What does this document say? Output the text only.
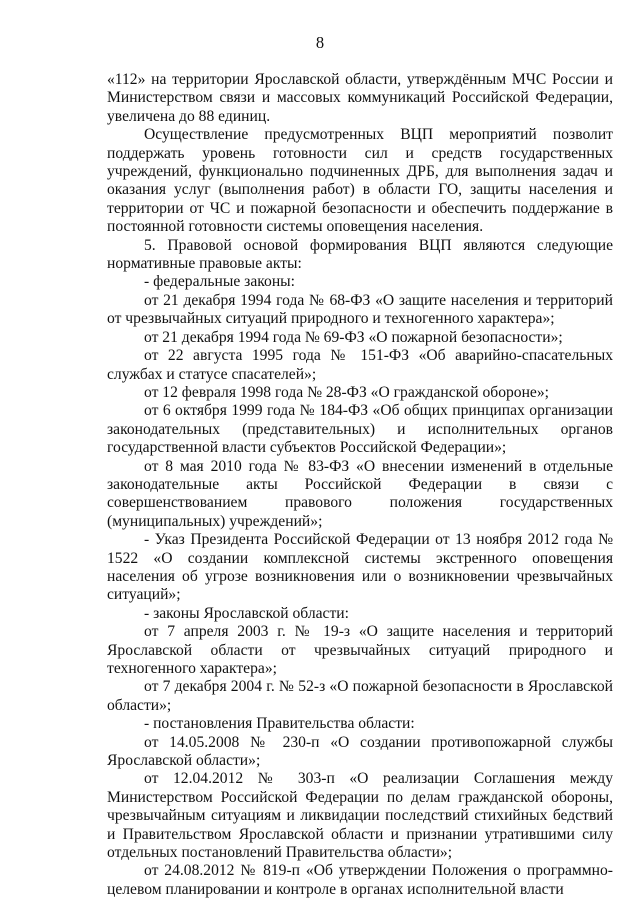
8

«112» на территории Ярославской области, утверждённым МЧС России и Министерством связи и массовых коммуникаций Российской Федерации, увеличена до 88 единиц.

Осуществление предусмотренных ВЦП мероприятий позволит поддержать уровень готовности сил и средств государственных учреждений, функционально подчиненных ДРБ, для выполнения задач и оказания услуг (выполнения работ) в области ГО, защиты населения и территории от ЧС и пожарной безопасности и обеспечить поддержание в постоянной готовности системы оповещения населения.

5. Правовой основой формирования ВЦП являются следующие нормативные правовые акты:

- федеральные законы:

от 21 декабря 1994 года № 68-ФЗ «О защите населения и территорий от чрезвычайных ситуаций природного и техногенного характера»;

от 21 декабря 1994 года № 69-ФЗ «О пожарной безопасности»;

от 22 августа 1995 года № 151-ФЗ «Об аварийно-спасательных службах и статусе спасателей»;

от 12 февраля 1998 года № 28-ФЗ «О гражданской обороне»;

от 6 октября 1999 года № 184-ФЗ «Об общих принципах организации законодательных (представительных) и исполнительных органов государственной власти субъектов Российской Федерации»;

от 8 мая 2010 года № 83-ФЗ «О внесении изменений в отдельные законодательные акты Российской Федерации в связи с совершенствованием правового положения государственных (муниципальных) учреждений»;

- Указ Президента Российской Федерации от 13 ноября 2012 года № 1522 «О создании комплексной системы экстренного оповещения населения об угрозе возникновения или о возникновении чрезвычайных ситуаций»;

- законы Ярославской области:

от 7 апреля 2003 г. № 19-з «О защите населения и территорий Ярославской области от чрезвычайных ситуаций природного и техногенного характера»;

от 7 декабря 2004 г. № 52-з «О пожарной безопасности в Ярославской области»;

- постановления Правительства области:

от 14.05.2008 № 230-п «О создании противопожарной службы Ярославской области»;

от 12.04.2012 № 303-п «О реализации Соглашения между Министерством Российской Федерации по делам гражданской обороны, чрезвычайным ситуациям и ликвидации последствий стихийных бедствий и Правительством Ярославской области и признании утратившими силу отдельных постановлений Правительства области»;

от 24.08.2012 № 819-п «Об утверждении Положения о программно-целевом планировании и контроле в органах исполнительной власти
